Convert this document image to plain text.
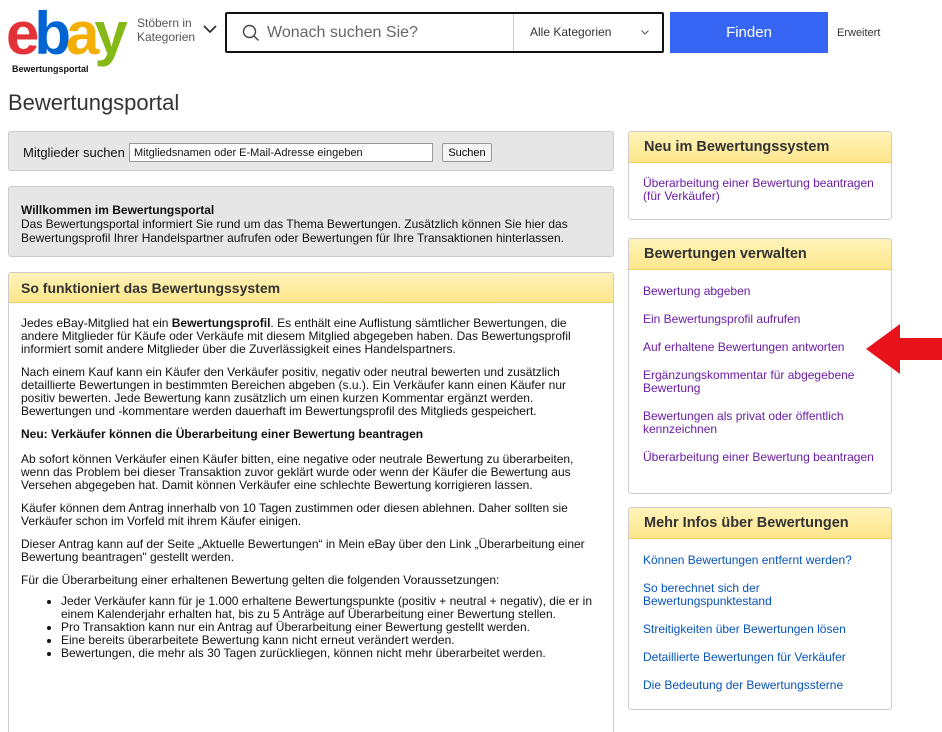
ebay
Bewertungsportal
Stöbern in Kategorien
Wonach suchen Sie?	Alle Kategorien	Finden	Erweitert
Bewertungsportal
Mitglieder suchen
Mitgliedsnamen oder E-Mail-Adresse eingeben	Suchen
Willkommen im Bewertungsportal
Das Bewertungsportal informiert Sie rund um das Thema Bewertungen. Zusätzlich können Sie hier das Bewertungsprofil Ihrer Handelspartner aufrufen oder Bewertungen für Ihre Transaktionen hinterlassen.
So funktioniert das Bewertungssystem

Jedes eBay-Mitglied hat ein Bewertungsprofil. Es enthält eine Auflistung sämtlicher Bewertungen, die andere Mitglieder für Käufe oder Verkäufe mit diesem Mitglied abgegeben haben. Das Bewertungsprofil informiert somit andere Mitglieder über die Zuverlässigkeit eines Handelspartners.

Nach einem Kauf kann ein Käufer den Verkäufer positiv, negativ oder neutral bewerten und zusätzlich detaillierte Bewertungen in bestimmten Bereichen abgeben (s.u.). Ein Verkäufer kann einen Käufer nur positiv bewerten. Jede Bewertung kann zusätzlich um einen kurzen Kommentar ergänzt werden. Bewertungen und -kommentare werden dauerhaft im Bewertungsprofil des Mitglieds gespeichert.

Neu: Verkäufer können die Überarbeitung einer Bewertung beantragen

Ab sofort können Verkäufer einen Käufer bitten, eine negative oder neutrale Bewertung zu überarbeiten, wenn das Problem bei dieser Transaktion zuvor geklärt wurde oder wenn der Käufer die Bewertung aus Versehen abgegeben hat. Damit können Verkäufer eine schlechte Bewertung korrigieren lassen.

Käufer können dem Antrag innerhalb von 10 Tagen zustimmen oder diesen ablehnen. Daher sollten sie Verkäufer schon im Vorfeld mit ihrem Käufer einigen.

Dieser Antrag kann auf der Seite „Aktuelle Bewertungen“ in Mein eBay über den Link „Überarbeitung einer Bewertung beantragen" gestellt werden.

Für die Überarbeitung einer erhaltenen Bewertung gelten die folgenden Voraussetzungen:

• Jeder Verkäufer kann für je 1.000 erhaltene Bewertungspunkte (positiv + neutral + negativ), die er in einem Kalenderjahr erhalten hat, bis zu 5 Anträge auf Überarbeitung einer Bewertung stellen.
• Pro Transaktion kann nur ein Antrag auf Überarbeitung einer Bewertung gestellt werden.
• Eine bereits überarbeitete Bewertung kann nicht erneut verändert werden.
• Bewertungen, die mehr als 30 Tagen zurückliegen, können nicht mehr überarbeitet werden.
Neu im Bewertungssystem
Überarbeitung einer Bewertung beantragen (für Verkäufer)
Bewertungen verwalten
Bewertung abgeben
Ein Bewertungsprofil aufrufen
Auf erhaltene Bewertungen antworten
Ergänzungskommentar für abgegebene Bewertung
Bewertungen als privat oder öffentlich kennzeichnen
Überarbeitung einer Bewertung beantragen
Mehr Infos über Bewertungen
Können Bewertungen entfernt werden?
So berechnet sich der Bewertungspunktestand
Streitigkeiten über Bewertungen lösen
Detaillierte Bewertungen für Verkäufer
Die Bedeutung der Bewertungssterne
